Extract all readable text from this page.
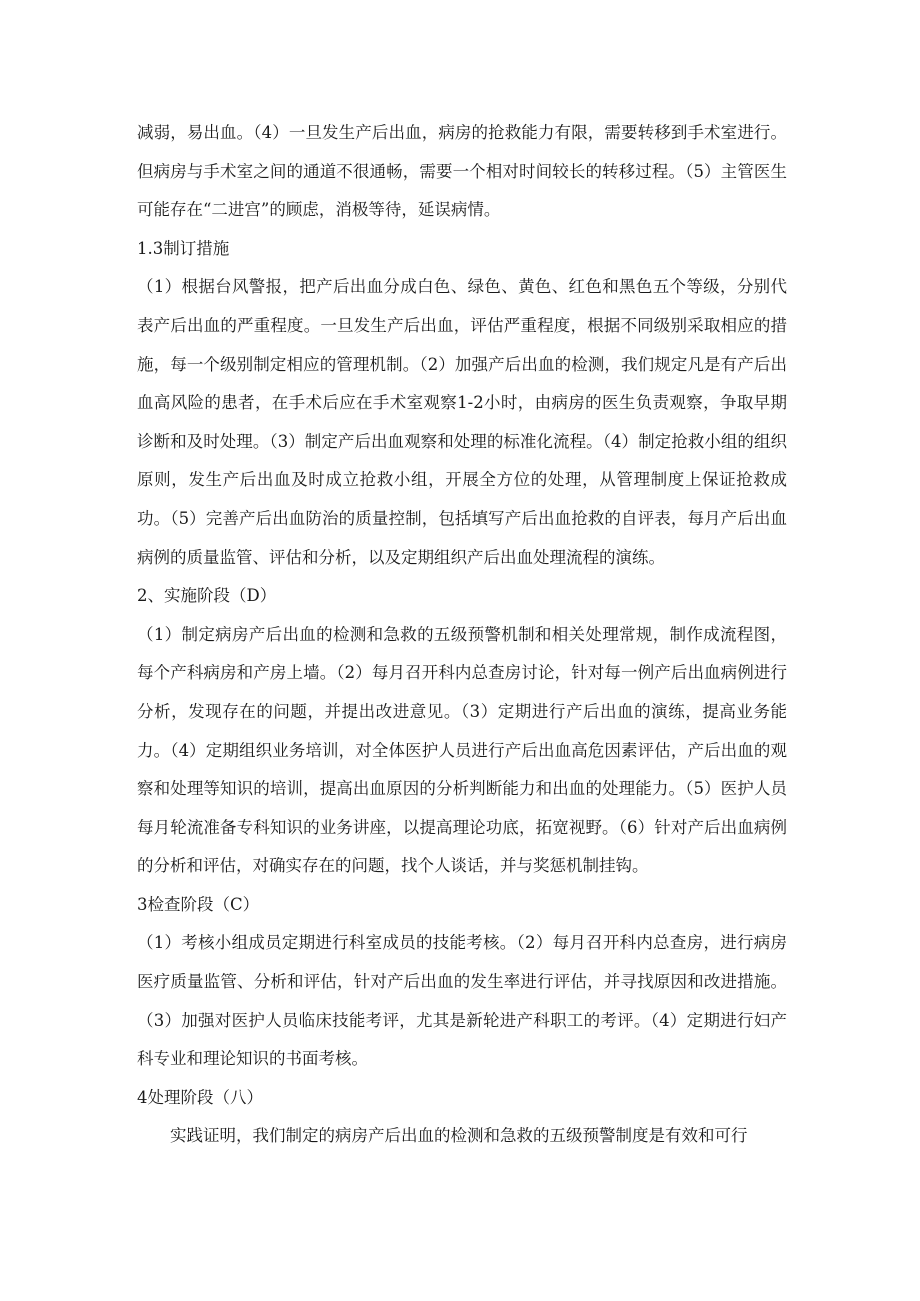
减弱，易出血。（4）一旦发生产后出血，病房的抢救能力有限，需要转移到手术室进行。但病房与手术室之间的通道不很通畅，需要一个相对时间较长的转移过程。（5）主管医生可能存在“二进宫”的顾虑，消极等待，延误病情。

1.3制订措施

（1）根据台风警报，把产后出血分成白色、绿色、黄色、红色和黑色五个等级，分别代表产后出血的严重程度。一旦发生产后出血，评估严重程度，根据不同级别采取相应的措施，每一个级别制定相应的管理机制。（2）加强产后出血的检测，我们规定凡是有产后出血高风险的患者，在手术后应在手术室观察1-2小时，由病房的医生负责观察，争取早期诊断和及时处理。（3）制定产后出血观察和处理的标准化流程。（4）制定抢救小组的组织原则，发生产后出血及时成立抢救小组，开展全方位的处理，从管理制度上保证抢救成功。（5）完善产后出血防治的质量控制，包括填写产后出血抢救的自评表，每月产后出血病例的质量监管、评估和分析，以及定期组织产后出血处理流程的演练。

2、实施阶段（D）

（1）制定病房产后出血的检测和急救的五级预警机制和相关处理常规，制作成流程图，每个产科病房和产房上墙。（2）每月召开科内总查房讨论，针对每一例产后出血病例进行分析，发现存在的问题，并提出改进意见。（3）定期进行产后出血的演练，提高业务能力。（4）定期组织业务培训，对全体医护人员进行产后出血高危因素评估，产后出血的观察和处理等知识的培训，提高出血原因的分析判断能力和出血的处理能力。（5）医护人员每月轮流准备专科知识的业务讲座，以提高理论功底，拓宽视野。（6）针对产后出血病例的分析和评估，对确实存在的问题，找个人谈话，并与奖惩机制挂钩。

3检查阶段（C）

（1）考核小组成员定期进行科室成员的技能考核。（2）每月召开科内总查房，进行病房医疗质量监管、分析和评估，针对产后出血的发生率进行评估，并寻找原因和改进措施。（3）加强对医护人员临床技能考评，尤其是新轮进产科职工的考评。（4）定期进行妇产科专业和理论知识的书面考核。

4处理阶段（八）

实践证明，我们制定的病房产后出血的检测和急救的五级预警制度是有效和可行
